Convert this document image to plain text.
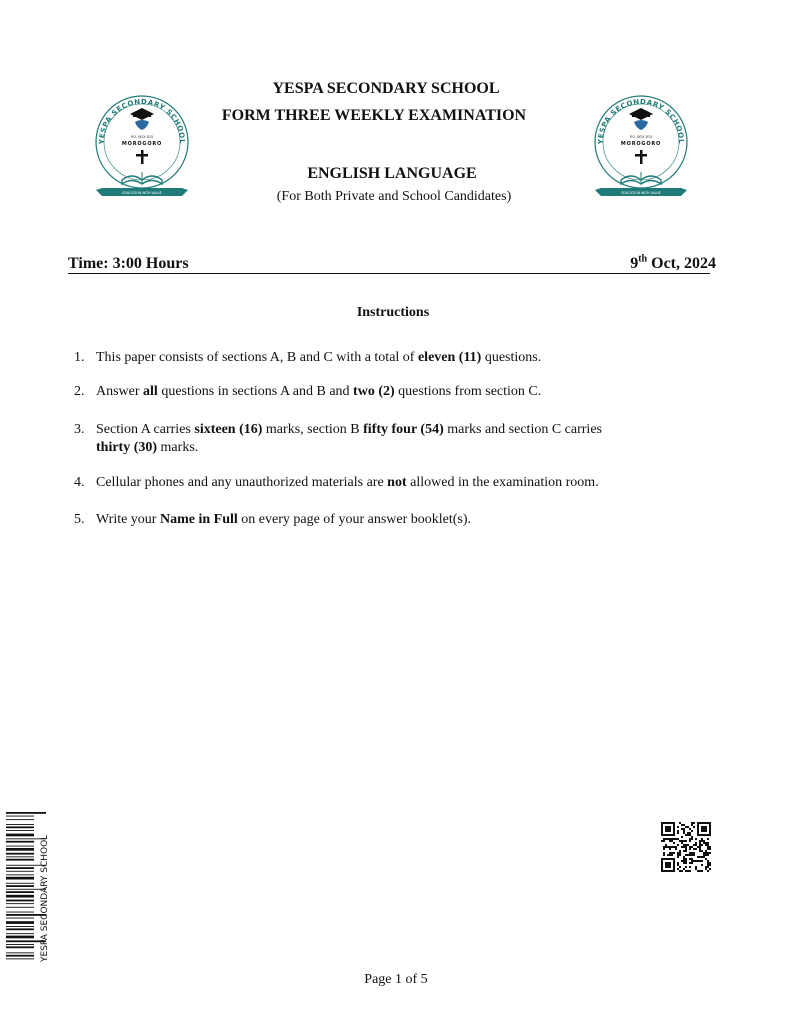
YESPA SECONDARY SCHOOL
P.O. BOX 815
MOROGORO
EDUCATION WITH VALUE
YESPA SECONDARY SCHOOL
P.O. BOX 815
MOROGORO
EDUCATION WITH VALUE
YESPA SECONDARY SCHOOL
FORM THREE WEEKLY EXAMINATION
ENGLISH LANGUAGE
(For Both Private and School Candidates)
Time: 3:00 Hours	9th Oct, 2024
Instructions
1. This paper consists of sections A, B and C with a total of eleven (11) questions.
2. Answer all questions in sections A and B and two (2) questions from section C.
3. Section A carries sixteen (16) marks, section B fifty four (54) marks and section C carries thirty (30) marks.
4. Cellular phones and any unauthorized materials are not allowed in the examination room.
5. Write your Name in Full on every page of your answer booklet(s).
YESPA SECONDARY SCHOOL
Page 1 of 5
